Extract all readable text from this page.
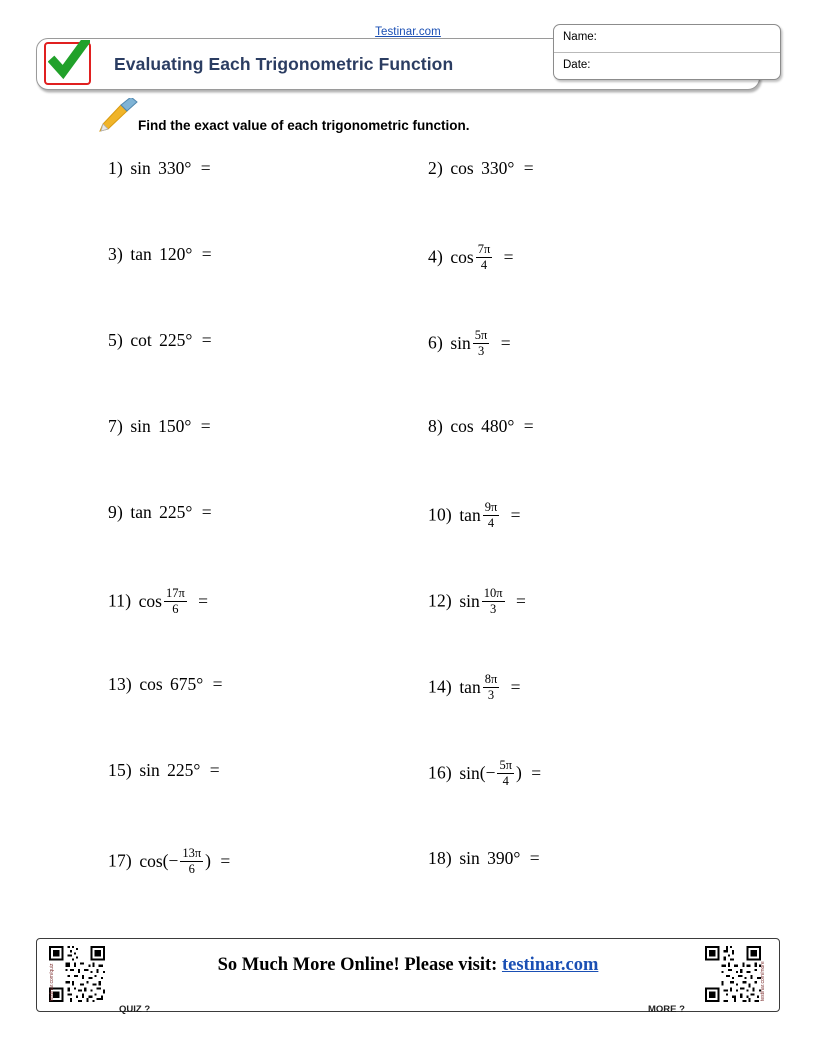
Testinar.com
Evaluating Each Trigonometric Function
Name:
Date:
Find the exact value of each trigonometric function.
1) sin 330° =	2) cos 330° =
3) tan 120° =	4) $\cos \frac{7\pi}{4}$ =
5) cot 225° =	6) $\sin \frac{5\pi}{3}$ =
7) sin 150° =	8) cos 480° =
9) tan 225° =	10) $\tan \frac{9\pi}{4}$ =
11) $\cos \frac{17\pi}{6}$ =	12) $\sin \frac{10\pi}{3}$ =
13) cos 675° =	14) $\tan \frac{8\pi}{3}$ =
15) sin 225° =	16) $\sin(- \frac{5\pi}{4}$ ) =
17) $\cos(- \frac{13\pi}{6}$ ) =	18) sin 390° =
So Much More Online! Please visit: testinar.com
testinar.com/quiz	testinar.com/more
QUIZ ?	MORE ?
